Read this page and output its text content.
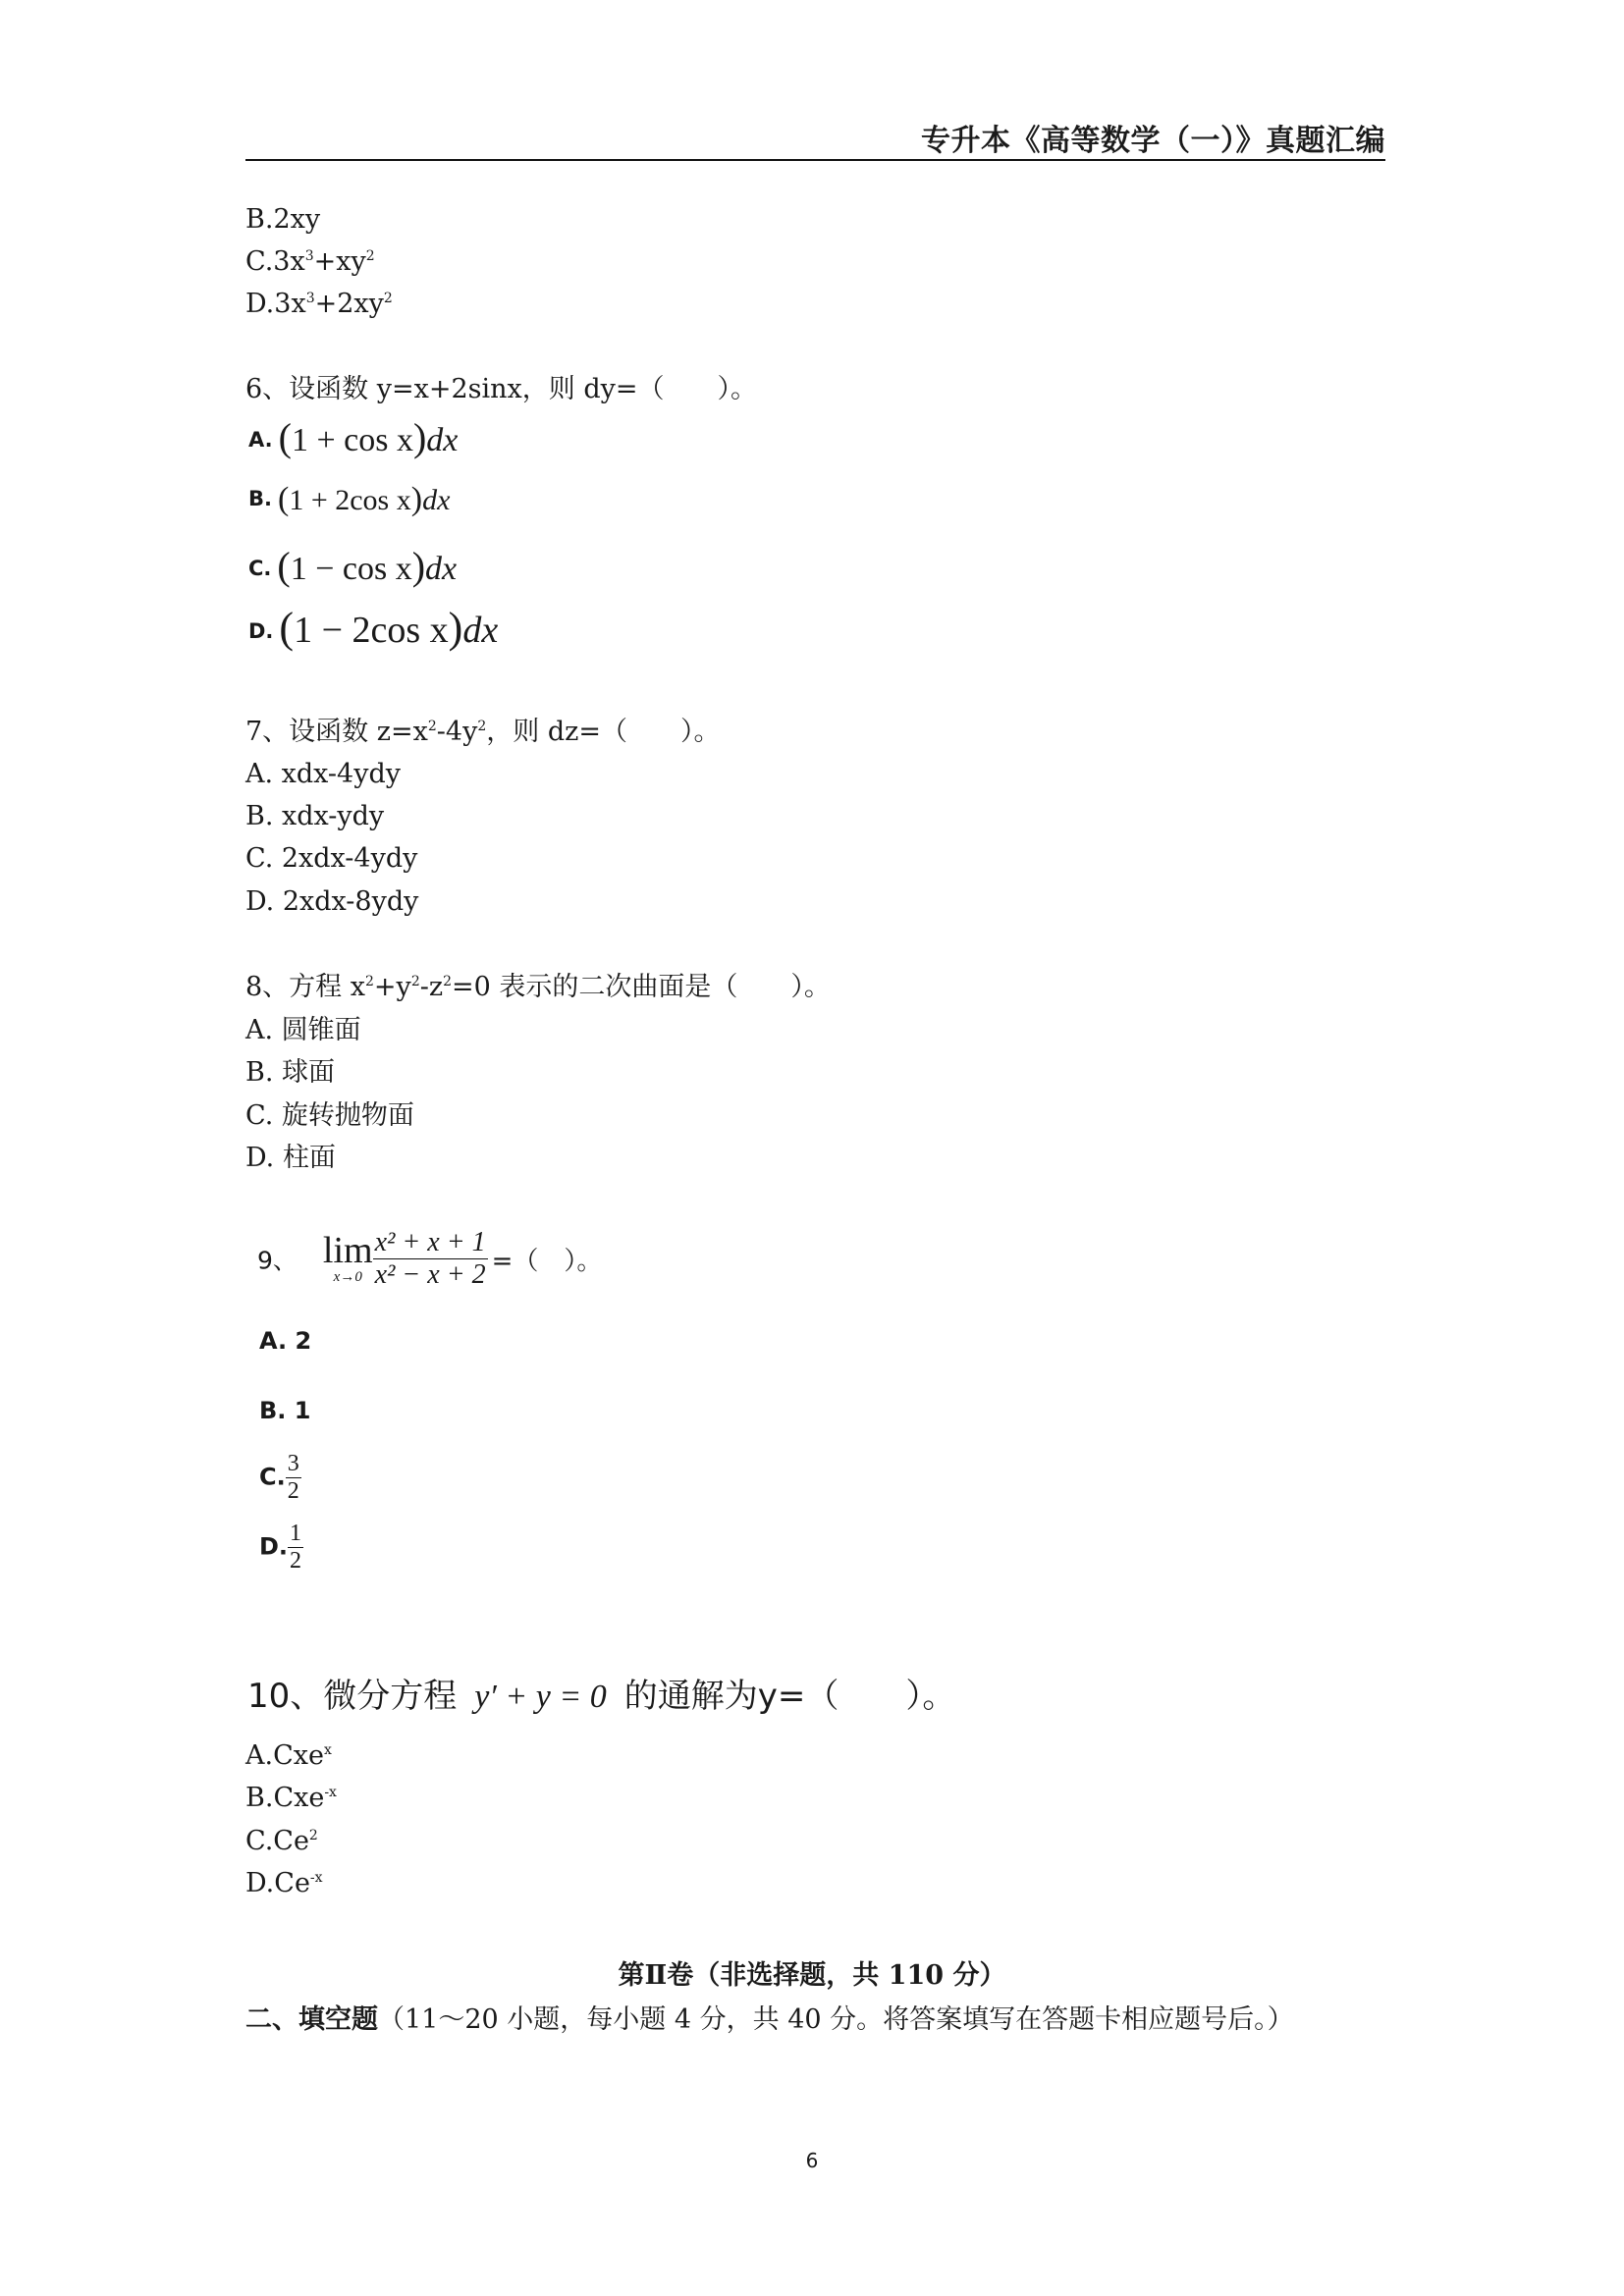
专升本《高等数学（一）》真题汇编
B.2xy
$C.3x^3+xy^2$
$D.3x^3+2xy^2$
6、设函数 y=x+2sinx，则 dy=（　　）。
A. (1 + cos x)dx
B. (1 + 2cos x)dx
C. (1 − cos x)dx
D. (1 − 2cos x)dx
7、设函数 $z=x^2-4y^2$，则 dz=（　　）。
A. xdx-4ydy
B. xdx-ydy
C. 2xdx-4ydy
D. 2xdx-8ydy
8、方程 $x^2+y^2-z^2=0$ 表示的二次曲面是（　　）。
A. 圆锥面
B. 球面
C. 旋转抛物面
D. 柱面
9、 lim
$x\to 0 \frac{\text{x² + x + 1}}{\text{x² − x + 2}}$ =（　）。
A. 2
B. 1
C. $\frac{3}{2}$
D. $\frac{1}{2}$
10、微分方程 y′ + y = 0 的通解为y=（　　）。
A.Cxe$^x$
B.Cxe$^{-x}$
C.Ce$^2$
$D.Ce^{-x}$
第Ⅱ卷（非选择题，共 110 分）
二、填空题（11～20 小题，每小题 4 分，共 40 分。将答案填写在答题卡相应题号后。）
6
